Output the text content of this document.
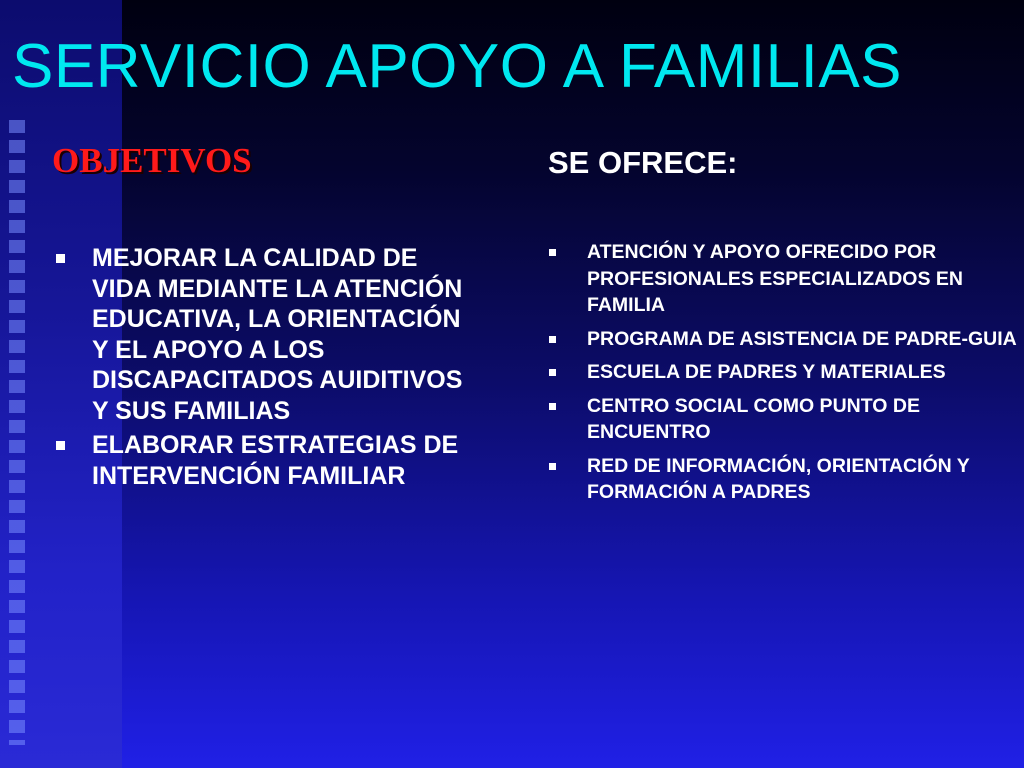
SERVICIO APOYO A FAMILIAS
OBJETIVOS	SE OFRECE:
MEJORAR LA CALIDAD DE VIDA MEDIANTE LA ATENCIÓN EDUCATIVA, LA ORIENTACIÓN Y EL APOYO A LOS DISCAPACITADOS AUIDITIVOS Y SUS FAMILIAS
ELABORAR ESTRATEGIAS DE INTERVENCIÓN FAMILIAR
ATENCIÓN Y APOYO OFRECIDO POR PROFESIONALES ESPECIALIZADOS EN FAMILIA
PROGRAMA DE ASISTENCIA DE PADRE-GUIA
ESCUELA DE PADRES Y MATERIALES
CENTRO SOCIAL COMO PUNTO DE ENCUENTRO
RED DE INFORMACIÓN, ORIENTACIÓN Y FORMACIÓN A PADRES
